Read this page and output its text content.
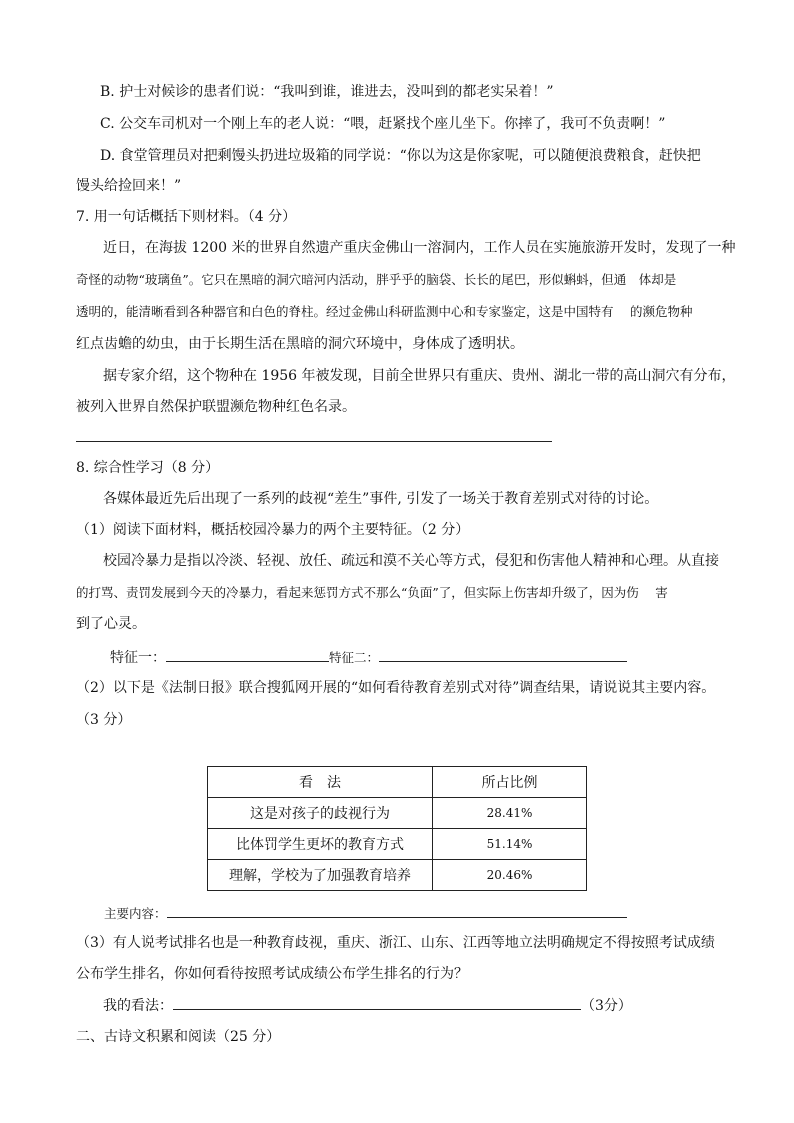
B. 护士对候诊的患者们说：“我叫到谁，谁进去，没叫到的都老实呆着！”
C. 公交车司机对一个刚上车的老人说：“喂，赶紧找个座儿坐下。你摔了，我可不负责啊！”
D. 食堂管理员对把剩馒头扔进垃圾箱的同学说：“你以为这是你家呢，可以随便浪费粮食，赶快把
馒头给捡回来！”
7. 用一句话概括下则材料。（4 分）
近日，在海拔 1200 米的世界自然遗产重庆金佛山一溶洞内，工作人员在实施旅游开发时，发现了一种
奇怪的动物“玻璃鱼”。它只在黑暗的洞穴暗河内活动，胖乎乎的脑袋、长长的尾巴，形似蝌蚪，但通　体却是
透明的，能清晰看到各种器官和白色的脊柱。经过金佛山科研监测中心和专家鉴定，这是中国特有　 的濒危物种
红点齿蟾的幼虫，由于长期生活在黑暗的洞穴环境中，身体成了透明状。
据专家介绍，这个物种在 1956 年被发现，目前全世界只有重庆、贵州、湖北一带的高山洞穴有分布，
被列入世界自然保护联盟濒危物种红色名录。
8. 综合性学习（8 分）
各媒体最近先后出现了一系列的歧视“差生”事件, 引发了一场关于教育差别式对待的讨论。
（1）阅读下面材料，概括校园冷暴力的两个主要特征。（2 分）
校园冷暴力是指以冷淡、轻视、放任、疏远和漠不关心等方式，侵犯和伤害他人精神和心理。从直接
的打骂、责罚发展到今天的冷暴力，看起来惩罚方式不那么“负面”了，但实际上伤害却升级了，因为伤　 害
到了心灵。
特征一：	特征二：
（2）以下是《法制日报》联合搜狐网开展的“如何看待教育差别式对待”调查结果，请说说其主要内容。
（3 分）
看　法	所占比例
这是对孩子的歧视行为	28.41%
比体罚学生更坏的教育方式	51.14%
理解，学校为了加强教育培养	20.46%
主要内容：
（3）有人说考试排名也是一种教育歧视，重庆、浙江、山东、江西等地立法明确规定不得按照考试成绩
公布学生排名，你如何看待按照考试成绩公布学生排名的行为？
我的看法：	（3分）
二、古诗文积累和阅读（25 分）
